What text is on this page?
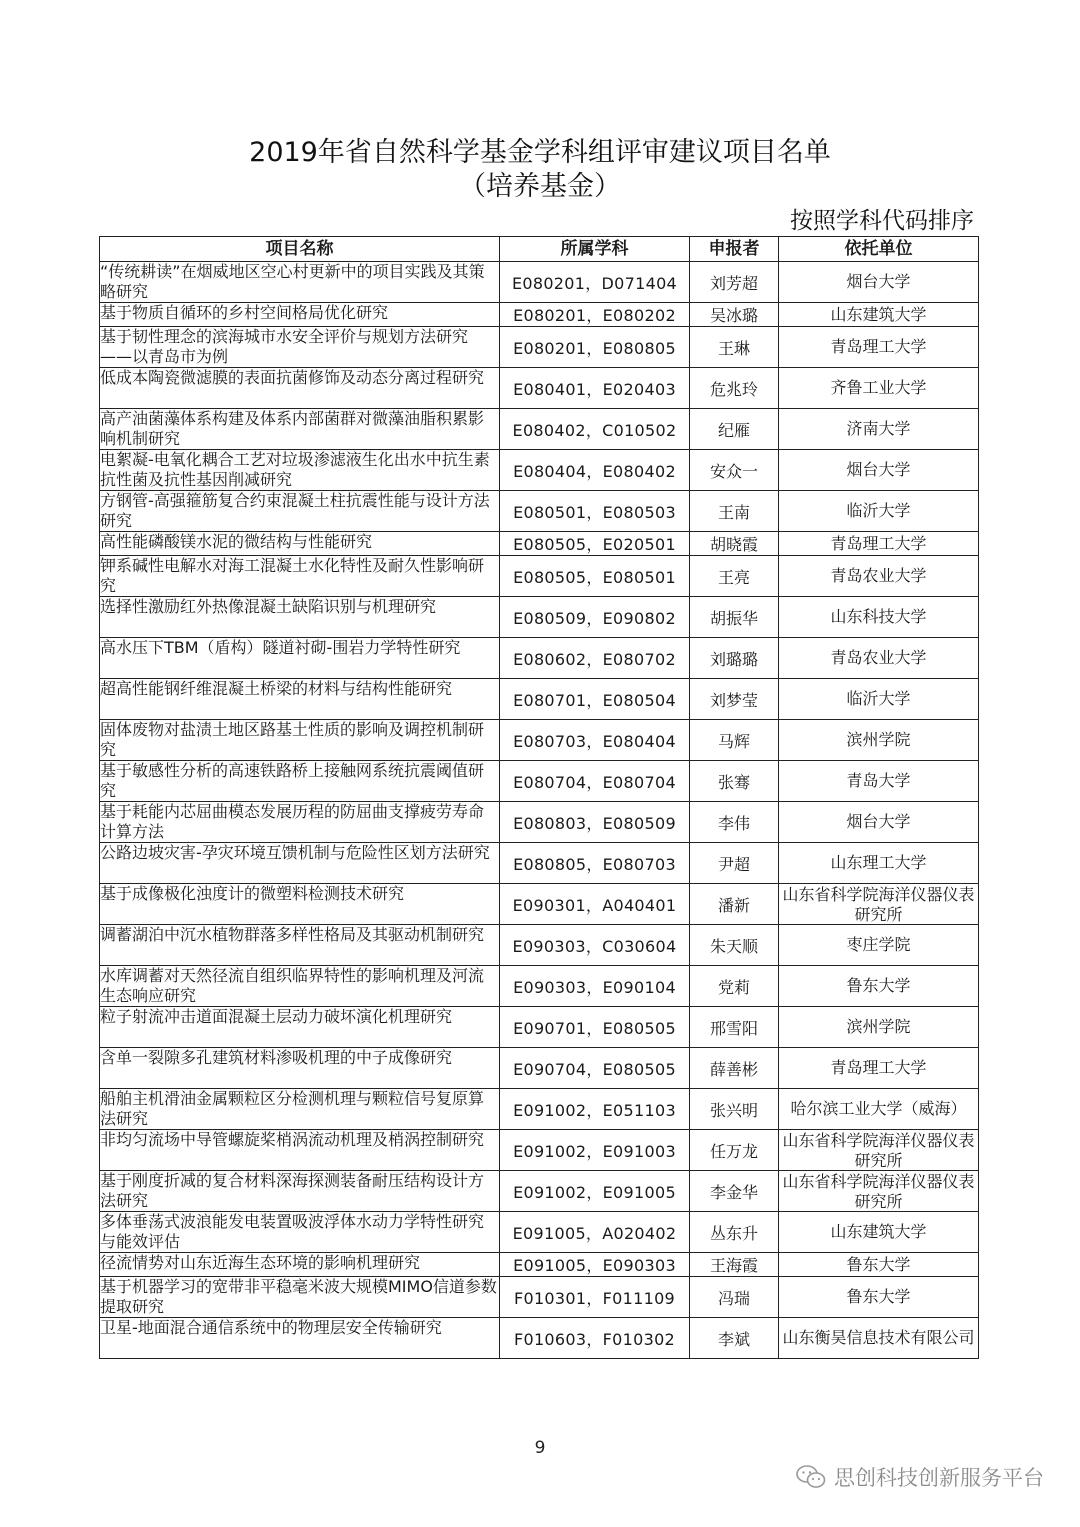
2019年省自然科学基金学科组评审建议项目名单
（培养基金）
按照学科代码排序
项目名称	所属学科	申报者	依托单位

“传统耕读”在烟威地区空心村更新中的项目实践及其策略研究	E080201，D071404	刘芳超	烟台大学

基于物质自循环的乡村空间格局优化研究	E080201，E080202	吴冰璐	山东建筑大学

基于韧性理念的滨海城市水安全评价与规划方法研究——以青岛市为例	E080201，E080805	王琳	青岛理工大学

低成本陶瓷微滤膜的表面抗菌修饰及动态分离过程研究	E080401，E020403	危兆玲	齐鲁工业大学

高产油菌藻体系构建及体系内部菌群对微藻油脂积累影响机制研究	E080402，C010502	纪雁	济南大学

电絮凝-电氧化耦合工艺对垃圾渗滤液生化出水中抗生素抗性菌及抗性基因削减研究	E080404，E080402	安众一	烟台大学

方钢管-高强箍筋复合约束混凝土柱抗震性能与设计方法研究	E080501，E080503	王南	临沂大学

高性能磷酸镁水泥的微结构与性能研究	E080505，E020501	胡晓霞	青岛理工大学

钾系碱性电解水对海工混凝土水化特性及耐久性影响研究	E080505，E080501	王亮	青岛农业大学

选择性激励红外热像混凝土缺陷识别与机理研究	E080509，E090802	胡振华	山东科技大学

高水压下TBM（盾构）隧道衬砌-围岩力学特性研究	E080602，E080702	刘璐璐	青岛农业大学

超高性能钢纤维混凝土桥梁的材料与结构性能研究	E080701，E080504	刘梦莹	临沂大学

固体废物对盐渍土地区路基土性质的影响及调控机制研究	E080703，E080404	马辉	滨州学院

基于敏感性分析的高速铁路桥上接触网系统抗震阈值研究	E080704，E080704	张骞	青岛大学

基于耗能内芯屈曲模态发展历程的防屈曲支撑疲劳寿命计算方法	E080803，E080509	李伟	烟台大学

公路边坡灾害-孕灾环境互馈机制与危险性区划方法研究	E080805，E080703	尹超	山东理工大学

基于成像极化浊度计的微塑料检测技术研究	E090301，A040401	潘新	山东省科学院海洋仪器仪表研究所

调蓄湖泊中沉水植物群落多样性格局及其驱动机制研究	E090303，C030604	朱天顺	枣庄学院

水库调蓄对天然径流自组织临界特性的影响机理及河流生态响应研究	E090303，E090104	党莉	鲁东大学

粒子射流冲击道面混凝土层动力破坏演化机理研究	E090701，E080505	邢雪阳	滨州学院

含单一裂隙多孔建筑材料渗吸机理的中子成像研究	E090704，E080505	薛善彬	青岛理工大学

船舶主机滑油金属颗粒区分检测机理与颗粒信号复原算法研究	E091002，E051103	张兴明	哈尔滨工业大学（威海）

非均匀流场中导管螺旋桨梢涡流动机理及梢涡控制研究	E091002，E091003	任万龙	山东省科学院海洋仪器仪表研究所

基于刚度折减的复合材料深海探测装备耐压结构设计方法研究	E091002，E091005	李金华	山东省科学院海洋仪器仪表研究所

多体垂荡式波浪能发电装置吸波浮体水动力学特性研究与能效评估	E091005，A020402	丛东升	山东建筑大学

径流情势对山东近海生态环境的影响机理研究	E091005，E090303	王海霞	鲁东大学

基于机器学习的宽带非平稳毫米波大规模MIMO信道参数提取研究	F010301，F011109	冯瑞	鲁东大学

卫星-地面混合通信系统中的物理层安全传输研究	F010603，F010302	李斌	山东衡昊信息技术有限公司
9
思创科技创新服务平台
